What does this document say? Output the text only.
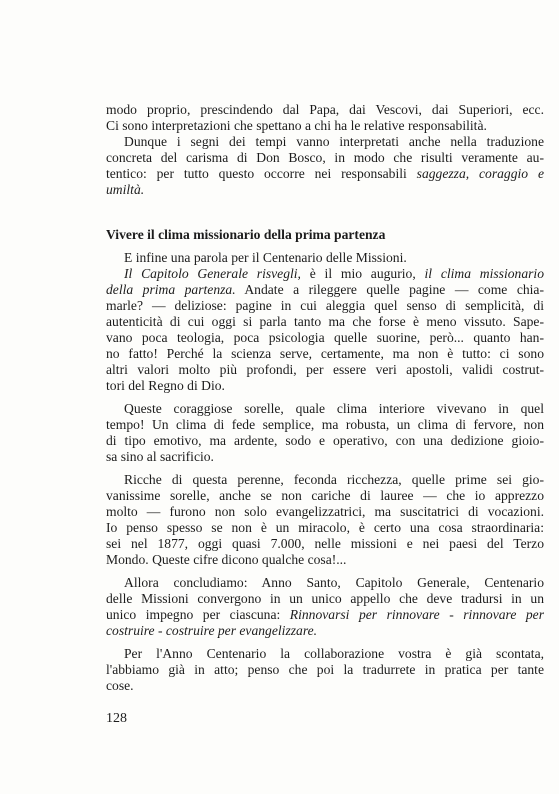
modo proprio, prescindendo dal Papa, dai Vescovi, dai Superiori, ecc.
Ci sono interpretazioni che spettano a chi ha le relative responsabilità.
Dunque i segni dei tempi vanno interpretati anche nella traduzione
concreta del carisma di Don Bosco, in modo che risulti veramente au-
tentico: per tutto questo occorre nei responsabili saggezza, coraggio e
umiltà.
Vivere il clima missionario della prima partenza
E infine una parola per il Centenario delle Missioni.
Il Capitolo Generale risvegli, è il mio augurio, il clima missionario
della prima partenza. Andate a rileggere quelle pagine — come chia-
marle? — deliziose: pagine in cui aleggia quel senso di semplicità, di
autenticità di cui oggi si parla tanto ma che forse è meno vissuto. Sape-
vano poca teologia, poca psicologia quelle suorine, però... quanto han-
no fatto! Perché la scienza serve, certamente, ma non è tutto: ci sono
altri valori molto più profondi, per essere veri apostoli, validi costrut-
tori del Regno di Dio.
Queste coraggiose sorelle, quale clima interiore vivevano in quel
tempo! Un clima di fede semplice, ma robusta, un clima di fervore, non
di tipo emotivo, ma ardente, sodo e operativo, con una dedizione gioio-
sa sino al sacrificio.
Ricche di questa perenne, feconda ricchezza, quelle prime sei gio-
vanissime sorelle, anche se non cariche di lauree — che io apprezzo
molto — furono non solo evangelizzatrici, ma suscitatrici di vocazioni.
Io penso spesso se non è un miracolo, è certo una cosa straordinaria:
sei nel 1877, oggi quasi 7.000, nelle missioni e nei paesi del Terzo
Mondo. Queste cifre dicono qualche cosa!...
Allora concludiamo: Anno Santo, Capitolo Generale, Centenario
delle Missioni convergono in un unico appello che deve tradursi in un
unico impegno per ciascuna: Rinnovarsi per rinnovare - rinnovare per
costruire - costruire per evangelizzare.
Per l'Anno Centenario la collaborazione vostra è già scontata,
l'abbiamo già in atto; penso che poi la tradurrete in pratica per tante
cose.
128
